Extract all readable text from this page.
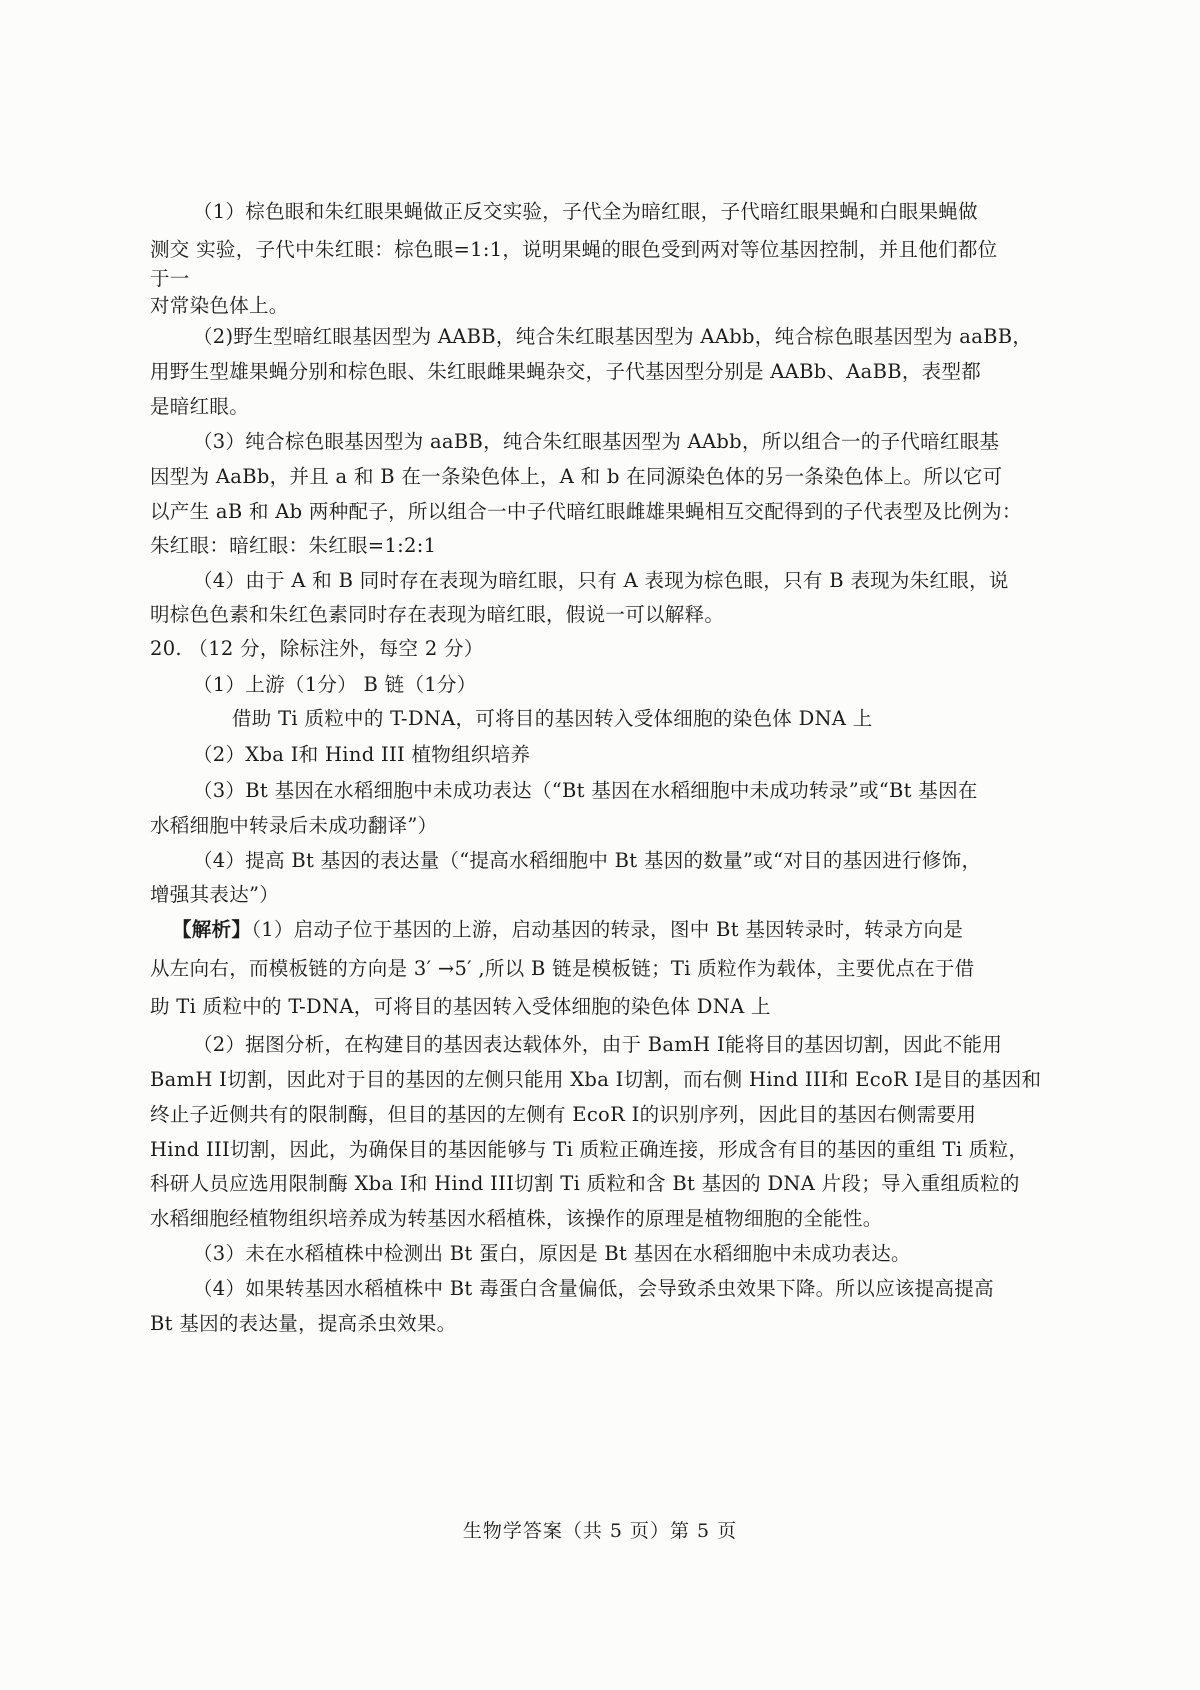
（1）棕色眼和朱红眼果蝇做正反交实验，子代全为暗红眼，子代暗红眼果蝇和白眼果蝇做
测交 实验，子代中朱红眼：棕色眼=1:1，说明果蝇的眼色受到两对等位基因控制，并且他们都位
于一
对常染色体上。
（2)野生型暗红眼基因型为 AABB，纯合朱红眼基因型为 AAbb，纯合棕色眼基因型为 aaBB，
用野生型雄果蝇分别和棕色眼、朱红眼雌果蝇杂交，子代基因型分别是 AABb、AaBB，表型都
是暗红眼。
（3）纯合棕色眼基因型为 aaBB，纯合朱红眼基因型为 AAbb，所以组合一的子代暗红眼基
因型为 AaBb，并且 a 和 B 在一条染色体上，A 和 b 在同源染色体的另一条染色体上。所以它可
以产生 aB 和 Ab 两种配子，所以组合一中子代暗红眼雌雄果蝇相互交配得到的子代表型及比例为：
朱红眼：暗红眼：朱红眼=1:2:1
（4）由于 A 和 B 同时存在表现为暗红眼，只有 A 表现为棕色眼，只有 B 表现为朱红眼，说
明棕色色素和朱红色素同时存在表现为暗红眼，假说一可以解释。
20. （12 分，除标注外，每空 2 分）
（1）上游（1分） B 链（1分）
借助 Ti 质粒中的 T-DNA，可将目的基因转入受体细胞的染色体 DNA 上
（2）Xba I和 Hind III 植物组织培养
（3）Bt 基因在水稻细胞中未成功表达（“Bt 基因在水稻细胞中未成功转录”或“Bt 基因在
水稻细胞中转录后未成功翻译”）
（4）提高 Bt 基因的表达量（“提高水稻细胞中 Bt 基因的数量”或“对目的基因进行修饰，
增强其表达”）
【解析】（1）启动子位于基因的上游，启动基因的转录，图中 Bt 基因转录时，转录方向是
从左向右，而模板链的方向是 3′ →5′ ,所以 B 链是模板链；Ti 质粒作为载体，主要优点在于借
助 Ti 质粒中的 T-DNA，可将目的基因转入受体细胞的染色体 DNA 上
（2）据图分析，在构建目的基因表达载体外，由于 BamH I能将目的基因切割，因此不能用
BamH I切割，因此对于目的基因的左侧只能用 Xba I切割，而右侧 Hind III和 EcoR I是目的基因和
终止子近侧共有的限制酶，但目的基因的左侧有 EcoR I的识别序列，因此目的基因右侧需要用
Hind III切割，因此，为确保目的基因能够与 Ti 质粒正确连接，形成含有目的基因的重组 Ti 质粒，
科研人员应选用限制酶 Xba I和 Hind III切割 Ti 质粒和含 Bt 基因的 DNA 片段；导入重组质粒的
水稻细胞经植物组织培养成为转基因水稻植株，该操作的原理是植物细胞的全能性。
（3）未在水稻植株中检测出 Bt 蛋白，原因是 Bt 基因在水稻细胞中未成功表达。
（4）如果转基因水稻植株中 Bt 毒蛋白含量偏低，会导致杀虫效果下降。所以应该提高提高
Bt 基因的表达量，提高杀虫效果。
生物学答案（共 5 页）第 5 页
